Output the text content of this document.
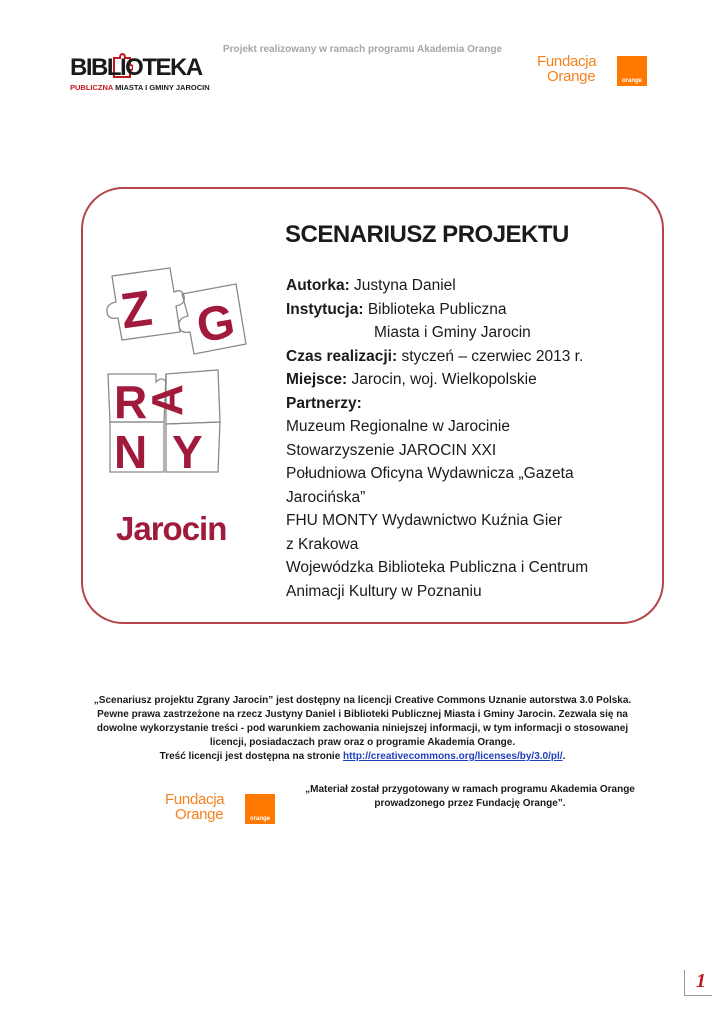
Projekt realizowany w ramach programu Akademia Orange
BIBLIOTEKA
PUBLICZNA MIASTA I GMINY JAROCIN
Fundacja
Orange	orange
Z G
R
A
N Y
Jarocin
SCENARIUSZ PROJEKTU
Autorka: Justyna Daniel
Instytucja: Biblioteka Publiczna
Miasta i Gminy Jarocin
Czas realizacji: styczeń – czerwiec 2013 r.
Miejsce: Jarocin, woj. Wielkopolskie
Partnerzy:
Muzeum Regionalne w Jarocinie
Stowarzyszenie JAROCIN XXI
Południowa Oficyna Wydawnicza „Gazeta
Jarocińska”
FHU MONTY Wydawnictwo Kuźnia Gier
z Krakowa
Wojewódzka Biblioteka Publiczna i Centrum
Animacji Kultury w Poznaniu
„Scenariusz projektu Zgrany Jarocin” jest dostępny na licencji Creative Commons Uznanie autorstwa 3.0 Polska.
Pewne prawa zastrzeżone na rzecz Justyny Daniel i Biblioteki Publicznej Miasta i Gminy Jarocin. Zezwala się na
dowolne wykorzystanie treści - pod warunkiem zachowania niniejszej informacji, w tym informacji o stosowanej
licencji, posiadaczach praw oraz o programie Akademia Orange.
Treść licencji jest dostępna na stronie http://creativecommons.org/licenses/by/3.0/pl/.
Fundacja
Orange	orange
„Materiał został przygotowany w ramach programu Akademia Orange
prowadzonego przez Fundację Orange”.
1
